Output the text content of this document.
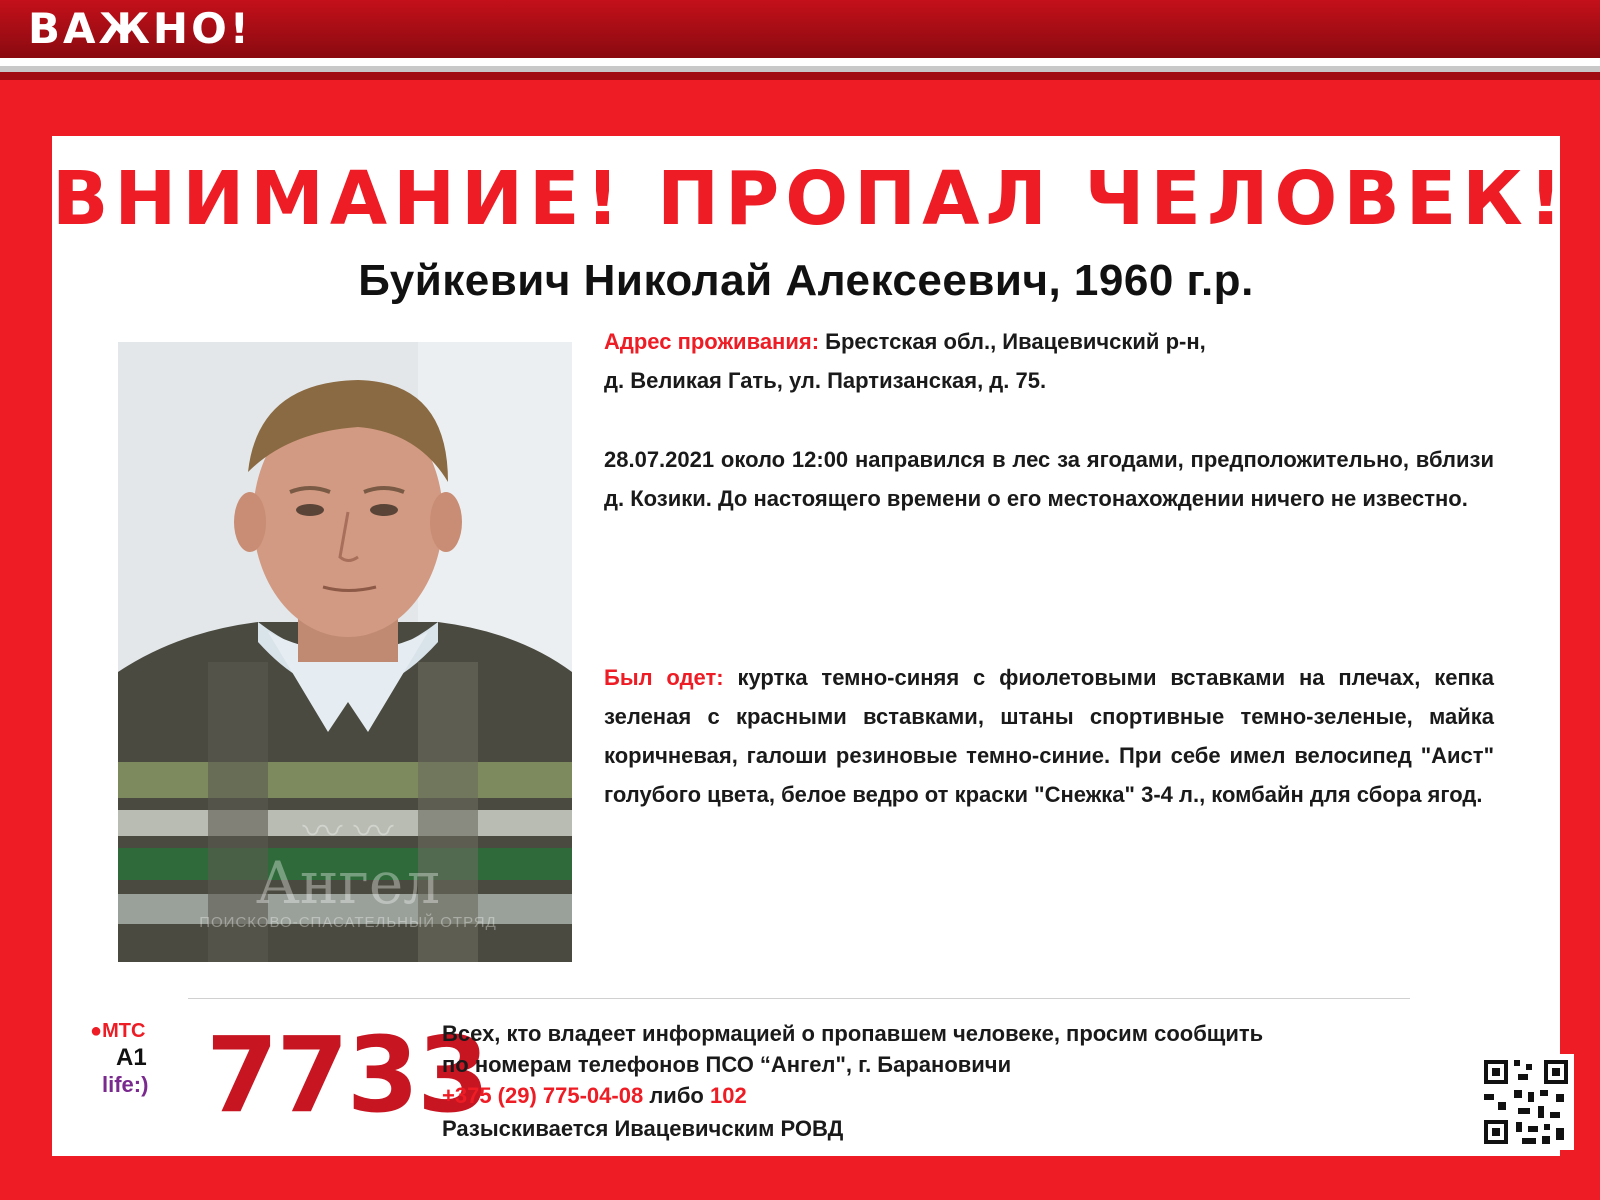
ВАЖНО!
ВНИМАНИЕ! ПРОПАЛ ЧЕЛОВЕК!
Буйкевич Николай Алексеевич, 1960 г.р.
〰 〰
Ангел
ПОИСКОВО-СПАСАТЕЛЬНЫЙ ОТРЯД
Адрес проживания: Брестская обл., Ивацевичский р-н,
д. Великая Гать, ул. Партизанская, д. 75.
28.07.2021 около 12:00 направился в лес за ягодами, предположительно, вблизи д. Козики. До настоящего времени о его местонахождении ничего не известно.
Был одет: куртка темно-синяя с фиолетовыми вставками на плечах, кепка зеленая с красными вставками, штаны спортивные темно-зеленые, майка коричневая, галоши резиновые темно-синие. При себе имел велосипед "Аист" голубого цвета, белое ведро от краски "Снежка" 3-4 л., комбайн для сбора ягод.
●МТС
A1
life:) 7733
Всех, кто владеет информацией о пропавшем человеке, просим сообщить
по номерам телефонов ПСО “Ангел", г. Барановичи
+375 (29) 775-04-08 либо 102
Разыскивается Ивацевичским РОВД
